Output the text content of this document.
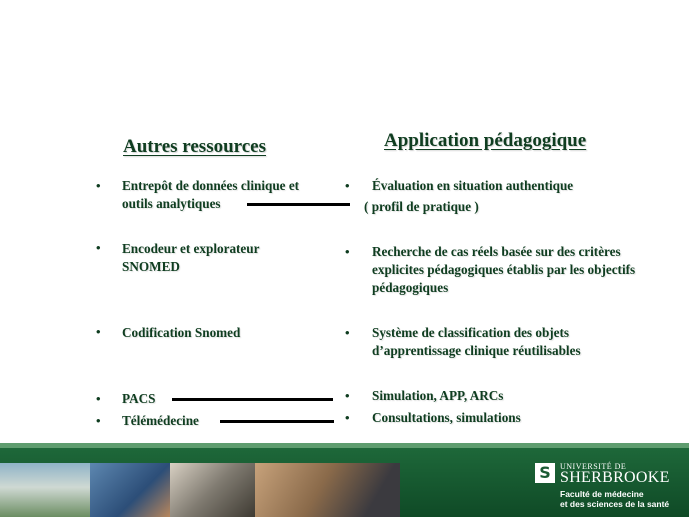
Autres ressources	Application pédagogique
• Entrepôt de données clinique et
outils analytiques
• Encodeur et explorateur
SNOMED
• Codification Snomed
• PACS
• Télémédecine
• Évaluation en situation authentique
( profil de pratique )
• Recherche de cas réels basée sur des critères
explicites pédagogiques établis par les objectifs
pédagogiques
• Système de classification des objets
d’apprentissage clinique réutilisables
• Simulation, APP, ARCs
• Consultations, simulations
S	UNIVERSITÉ DE
SHERBROOKE
Faculté de médecine
et des sciences de la santé
